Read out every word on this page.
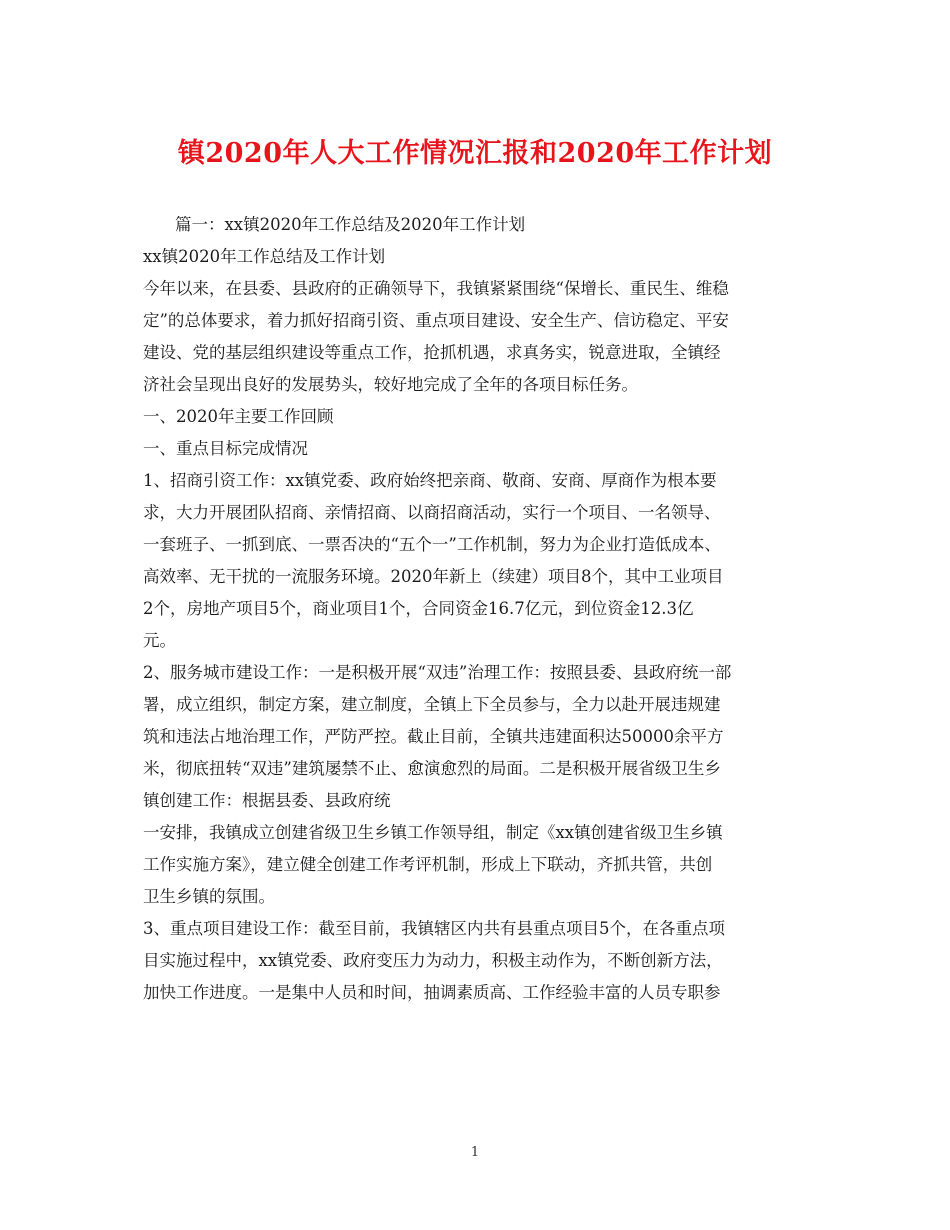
镇2020年人大工作情况汇报和2020年工作计划
篇一：xx镇2020年工作总结及2020年工作计划
xx镇2020年工作总结及工作计划
今年以来，在县委、县政府的正确领导下，我镇紧紧围绕“保增长、重民生、维稳
定”的总体要求，着力抓好招商引资、重点项目建设、安全生产、信访稳定、平安
建设、党的基层组织建设等重点工作，抢抓机遇，求真务实，锐意进取，全镇经
济社会呈现出良好的发展势头，较好地完成了全年的各项目标任务。
一、2020年主要工作回顾
一、重点目标完成情况
1、招商引资工作：xx镇党委、政府始终把亲商、敬商、安商、厚商作为根本要
求，大力开展团队招商、亲情招商、以商招商活动，实行一个项目、一名领导、
一套班子、一抓到底、一票否决的“五个一”工作机制，努力为企业打造低成本、
高效率、无干扰的一流服务环境。2020年新上（续建）项目8个，其中工业项目
2个，房地产项目5个，商业项目1个，合同资金16.7亿元，到位资金12.3亿
元。
2、服务城市建设工作：一是积极开展“双违”治理工作：按照县委、县政府统一部
署，成立组织，制定方案，建立制度，全镇上下全员参与，全力以赴开展违规建
筑和违法占地治理工作，严防严控。截止目前，全镇共违建面积达50000余平方
米，彻底扭转“双违”建筑屡禁不止、愈演愈烈的局面。二是积极开展省级卫生乡
镇创建工作：根据县委、县政府统
一安排，我镇成立创建省级卫生乡镇工作领导组，制定《xx镇创建省级卫生乡镇
工作实施方案》，建立健全创建工作考评机制，形成上下联动，齐抓共管，共创
卫生乡镇的氛围。
3、重点项目建设工作：截至目前，我镇辖区内共有县重点项目5个，在各重点项
目实施过程中，xx镇党委、政府变压力为动力，积极主动作为，不断创新方法，
加快工作进度。一是集中人员和时间，抽调素质高、工作经验丰富的人员专职参
1
